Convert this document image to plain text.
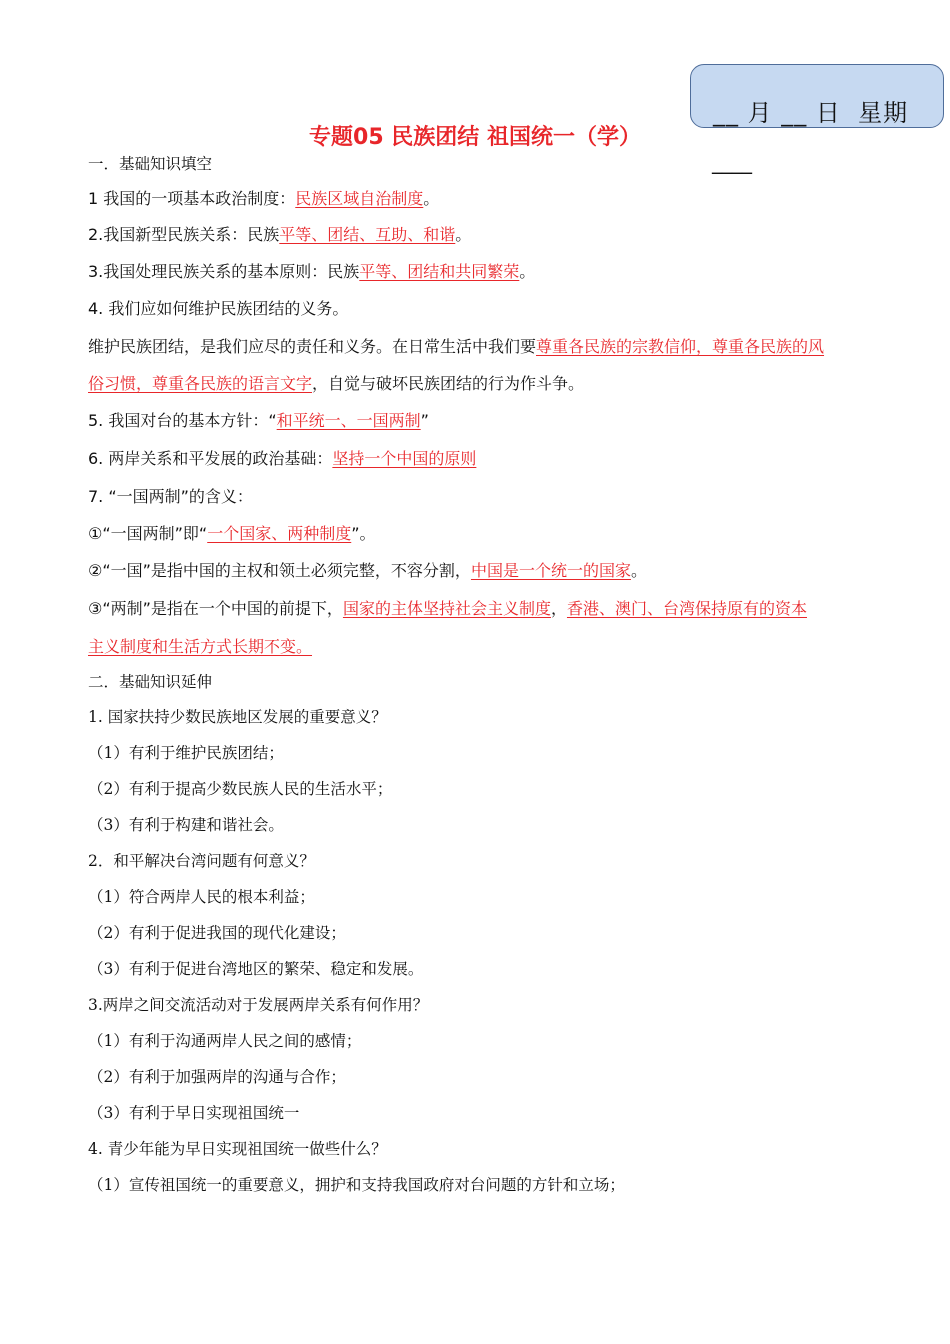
__ 月 __ 日  星期
____
专题05 民族团结 祖国统一（学）
一．基础知识填空
1 我国的一项基本政治制度：民族区域自治制度。
2.我国新型民族关系：民族平等、团结、互助、和谐。
3.我国处理民族关系的基本原则：民族平等、团结和共同繁荣。
4. 我们应如何维护民族团结的义务。
维护民族团结，是我们应尽的责任和义务。在日常生活中我们要尊重各民族的宗教信仰，尊重各民族的风
俗习惯，尊重各民族的语言文字，自觉与破坏民族团结的行为作斗争。
5. 我国对台的基本方针：“和平统一、一国两制”
6. 两岸关系和平发展的政治基础：坚持一个中国的原则
7. “一国两制”的含义：
①“一国两制”即“一个国家、两种制度”。
②“一国”是指中国的主权和领土必须完整，不容分割，中国是一个统一的国家。
③“两制”是指在一个中国的前提下，国家的主体坚持社会主义制度，香港、澳门、台湾保持原有的资本
主义制度和生活方式长期不变。
二．基础知识延伸
1. 国家扶持少数民族地区发展的重要意义？
（1）有利于维护民族团结；
（2）有利于提高少数民族人民的生活水平；
（3）有利于构建和谐社会。
2．和平解决台湾问题有何意义？
（1）符合两岸人民的根本利益；
（2）有利于促进我国的现代化建设；
（3）有利于促进台湾地区的繁荣、稳定和发展。
3.两岸之间交流活动对于发展两岸关系有何作用？
（1）有利于沟通两岸人民之间的感情；
（2）有利于加强两岸的沟通与合作；
（3）有利于早日实现祖国统一
4. 青少年能为早日实现祖国统一做些什么？
（1）宣传祖国统一的重要意义，拥护和支持我国政府对台问题的方针和立场；
